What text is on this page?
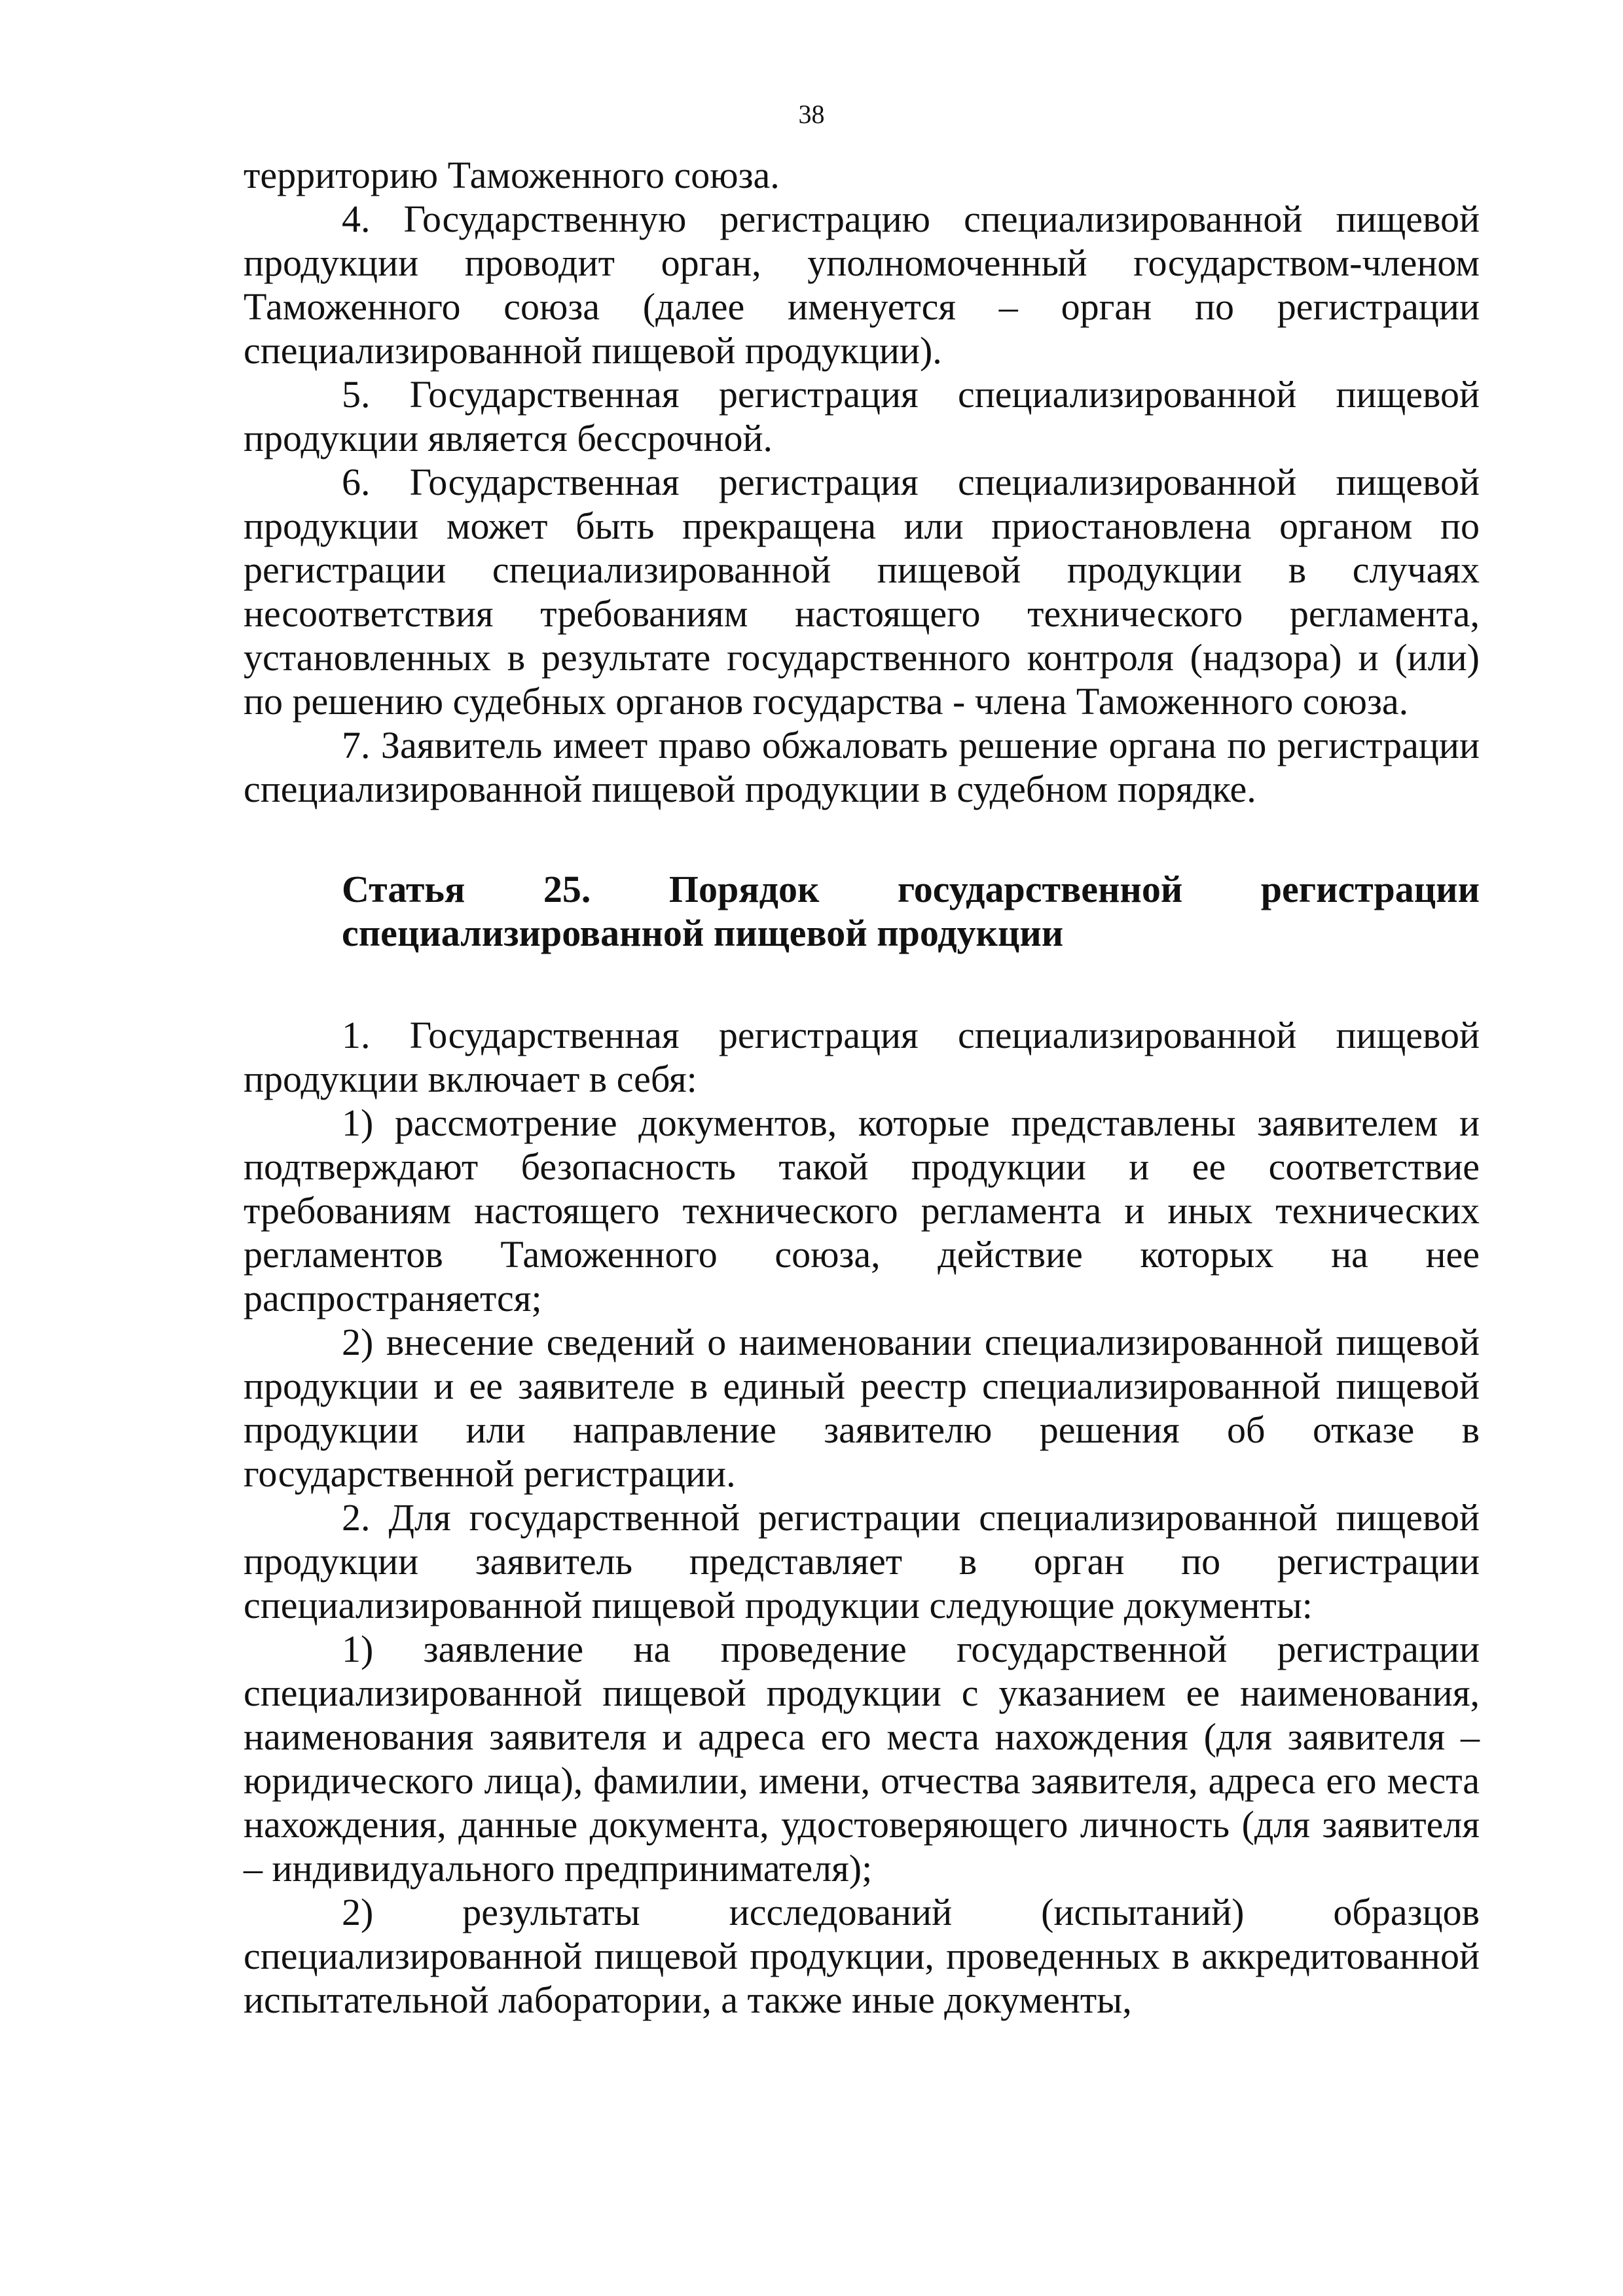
38

территорию Таможенного союза.

4. Государственную регистрацию специализированной пищевой продукции проводит орган, уполномоченный государством-членом Таможенного союза (далее именуется – орган по регистрации специализированной пищевой продукции).

5. Государственная регистрация специализированной пищевой продукции является бессрочной.

6. Государственная регистрация специализированной пищевой продукции может быть прекращена или приостановлена органом по регистрации специализированной пищевой продукции в случаях несоответствия требованиям настоящего технического регламента, установленных в результате государственного контроля (надзора) и (или) по решению судебных органов государства - члена Таможенного союза.

7. Заявитель имеет право обжаловать решение органа по регистрации специализированной пищевой продукции в судебном порядке.

Статья 25. Порядок государственной регистрации специализированной пищевой продукции

1. Государственная регистрация специализированной пищевой продукции включает в себя:

1) рассмотрение документов, которые представлены заявителем и подтверждают безопасность такой продукции и ее соответствие требованиям настоящего технического регламента и иных технических регламентов Таможенного союза, действие которых на нее распространяется;

2) внесение сведений о наименовании специализированной пищевой продукции и ее заявителе в единый реестр специализированной пищевой продукции или направление заявителю решения об отказе в государственной регистрации.

2. Для государственной регистрации специализированной пищевой продукции заявитель представляет в орган по регистрации специализированной пищевой продукции следующие документы:

1) заявление на проведение государственной регистрации специализированной пищевой продукции с указанием ее наименования, наименования заявителя и адреса его места нахождения (для заявителя – юридического лица), фамилии, имени, отчества заявителя, адреса его места нахождения, данные документа, удостоверяющего личность (для заявителя – индивидуального предпринимателя);

2) результаты исследований (испытаний) образцов специализированной пищевой продукции, проведенных в аккредитованной испытательной лаборатории, а также иные документы,
